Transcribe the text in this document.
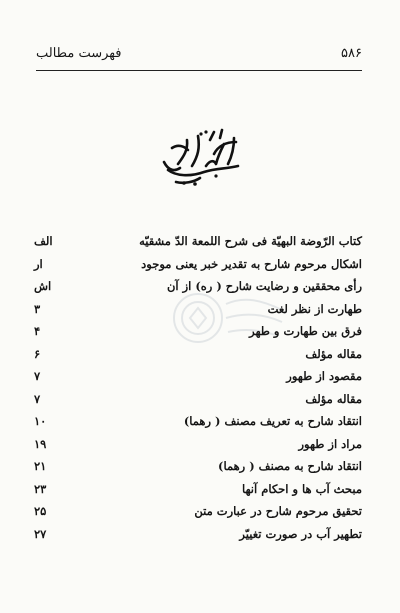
۵۸۶
فهرست مطالب
کتاب الرّوضة البهیّة فی شرح اللمعة الدّ مشقیّه
الف
اشکال مرحوم شارح به تقدیر خبر یعنی موجود
ار
رأی محققین و رضایت شارح ( ره) از آن
اش
طهارت از نظر لغت
۳
فرق بین طهارت و طهر
۴
مقاله مؤلف
۶
مقصود از طهور
۷
مقاله مؤلف
۷
انتقاد شارح به تعریف مصنف ( رهما)
۱۰
مراد از طهور
۱۹
انتقاد شارح به مصنف ( رهما)
۲۱
مبحث آب ها و احکام آنها
۲۳
تحقیق مرحوم شارح در عبارت متن
۲۵
تطهیر آب در صورت تغییّر
۲۷
